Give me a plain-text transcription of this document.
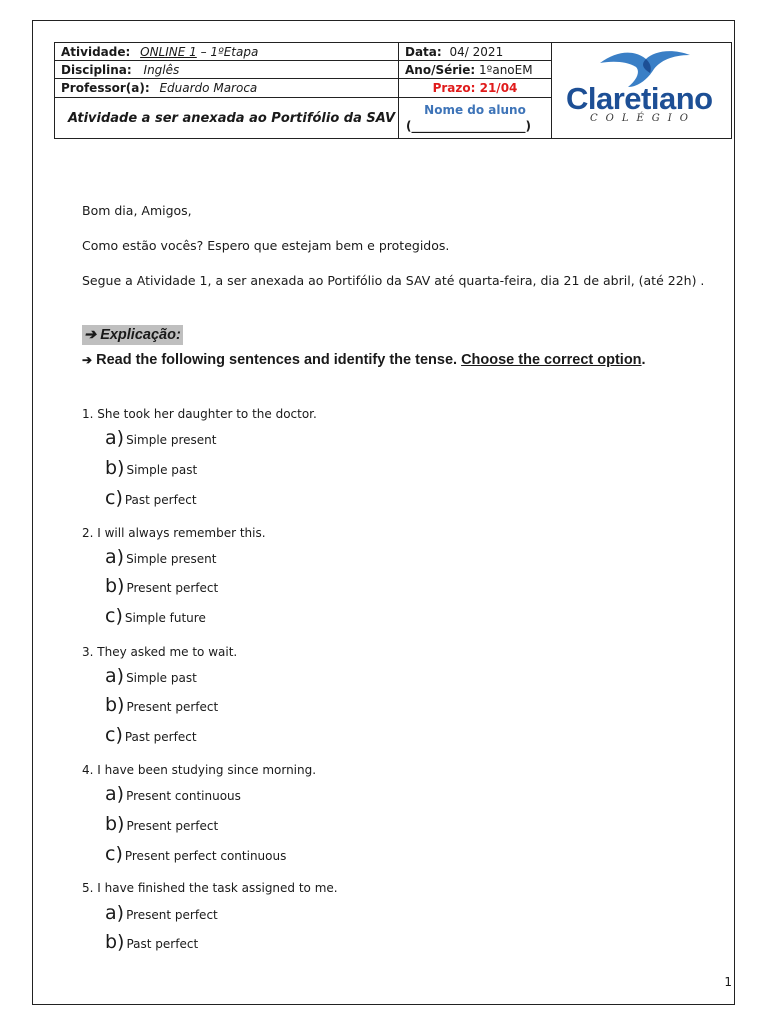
Atividade: ONLINE 1 – 1ºEtapa
Disciplina: Inglês
Professor(a): Eduardo Maroca
Atividade a ser anexada ao Portifólio da SAV
Data: 04/ 2021
Ano/Série: 1ºanoEM
Prazo: 21/04
Nome do aluno
(___________________)
Claretiano
COLÉGIO
Bom dia, Amigos,
Como estão vocês? Espero que estejam bem e protegidos.
Segue a Atividade 1, a ser anexada ao Portifólio da SAV até quarta-feira, dia 21 de abril, (até 22h) .
➔ Explicação:
➔ Read the following sentences and identify the tense. Choose the correct option.
1. She took her daughter to the doctor.
a) Simple present
b) Simple past
c) Past perfect
2. I will always remember this.
a) Simple present
b) Present perfect
c) Simple future
3. They asked me to wait.
a) Simple past
b) Present perfect
c) Past perfect
4. I have been studying since morning.
a) Present continuous
b) Present perfect
c) Present perfect continuous
5. I have finished the task assigned to me.
a) Present perfect
b) Past perfect
1
